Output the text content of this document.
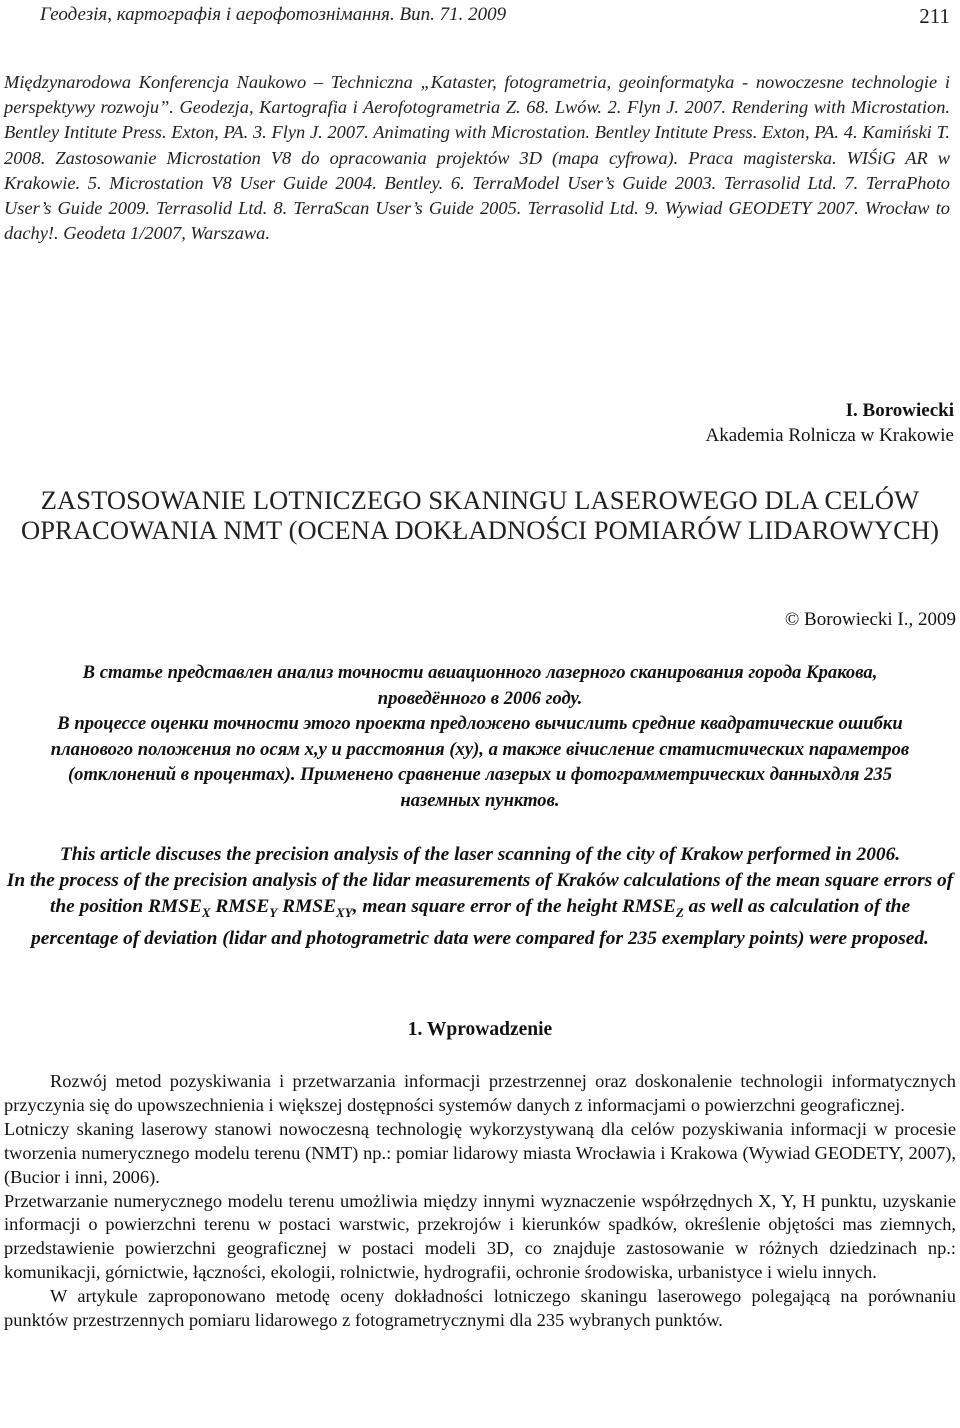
Геодезія, картографія і аерофотознімання. Вип. 71. 2009	211
Międzynarodowa Konferencja Naukowo – Techniczna „Kataster, fotogrametria, geoinformatyka - nowoczesne technologie i perspektywy rozwoju”. Geodezja, Kartografia i Aerofotogrametria Z. 68. Lwów. 2. Flyn J. 2007. Rendering with Microstation. Bentley Intitute Press. Exton, PA. 3. Flyn J. 2007. Animating with Microstation. Bentley Intitute Press. Exton, PA. 4. Kamiński T. 2008. Zastosowanie Microstation V8 do opracowania projektów 3D (mapa cyfrowa). Praca magisterska. WIŚiG AR w Krakowie. 5. Microstation V8 User Guide 2004. Bentley. 6. TerraModel User’s Guide 2003. Terrasolid Ltd. 7. TerraPhoto User’s Guide 2009. Terrasolid Ltd. 8. TerraScan User’s Guide 2005. Terrasolid Ltd. 9. Wywiad GEODETY 2007. Wrocław to dachy!. Geodeta 1/2007, Warszawa.
I. Borowiecki
Akademia Rolnicza w Krakowie
ZASTOSOWANIE LOTNICZEGO SKANINGU LASEROWEGO DLA CELÓW OPRACOWANIA NMT (OCENA DOKŁADNOŚCI POMIARÓW LIDAROWYCH)
© Borowiecki I., 2009
В статье представлен анализ точности авиационного лазерного сканирования города Кракова, проведённого в 2006 году.
В процессе оценки точности этого проекта предложено вычислить средние квадратические ошибки планового положения по осям x,y и расстояния (xy), а также вічисление статистических параметров (отклонений в процентах). Применено сравнение лазерых и фотограмметрических данныхдля 235 наземных пунктов.
This article discuses the precision analysis of the laser scanning of the city of Krakow performed in 2006.
In the process of the precision analysis of the lidar measurements of Kraków calculations of the mean square errors of the position $RMSE_X$ $RMSE_Y$ $RMSE_{XY}$, mean square error of the height $RMSE_Z$ as well as calculation of the percentage of deviation (lidar and photogrametric data were compared for 235 exemplary points) were proposed.
1. Wprowadzenie

Rozwój metod pozyskiwania i przetwarzania informacji przestrzennej oraz doskonalenie technologii informatycznych przyczynia się do upowszechnienia i większej dostępności systemów danych z informacjami o powierzchni geograficznej.

Lotniczy skaning laserowy stanowi nowoczesną technologię wykorzystywaną dla celów pozyskiwania informacji w procesie tworzenia numerycznego modelu terenu (NMT) np.: pomiar lidarowy miasta Wrocławia i Krakowa (Wywiad GEODETY, 2007), (Bucior i inni, 2006).

Przetwarzanie numerycznego modelu terenu umożliwia między innymi wyznaczenie współrzędnych X, Y, H punktu, uzyskanie informacji o powierzchni terenu w postaci warstwic, przekrojów i kierunków spadków, określenie objętości mas ziemnych, przedstawienie powierzchni geograficznej w postaci modeli 3D, co znajduje zastosowanie w różnych dziedzinach np.: komunikacji, górnictwie, łączności, ekologii, rolnictwie, hydrografii, ochronie środowiska, urbanistyce i wielu innych.

W artykule zaproponowano metodę oceny dokładności lotniczego skaningu laserowego polegającą na porównaniu punktów przestrzennych pomiaru lidarowego z fotogrametrycznymi dla 235 wybranych punktów.
